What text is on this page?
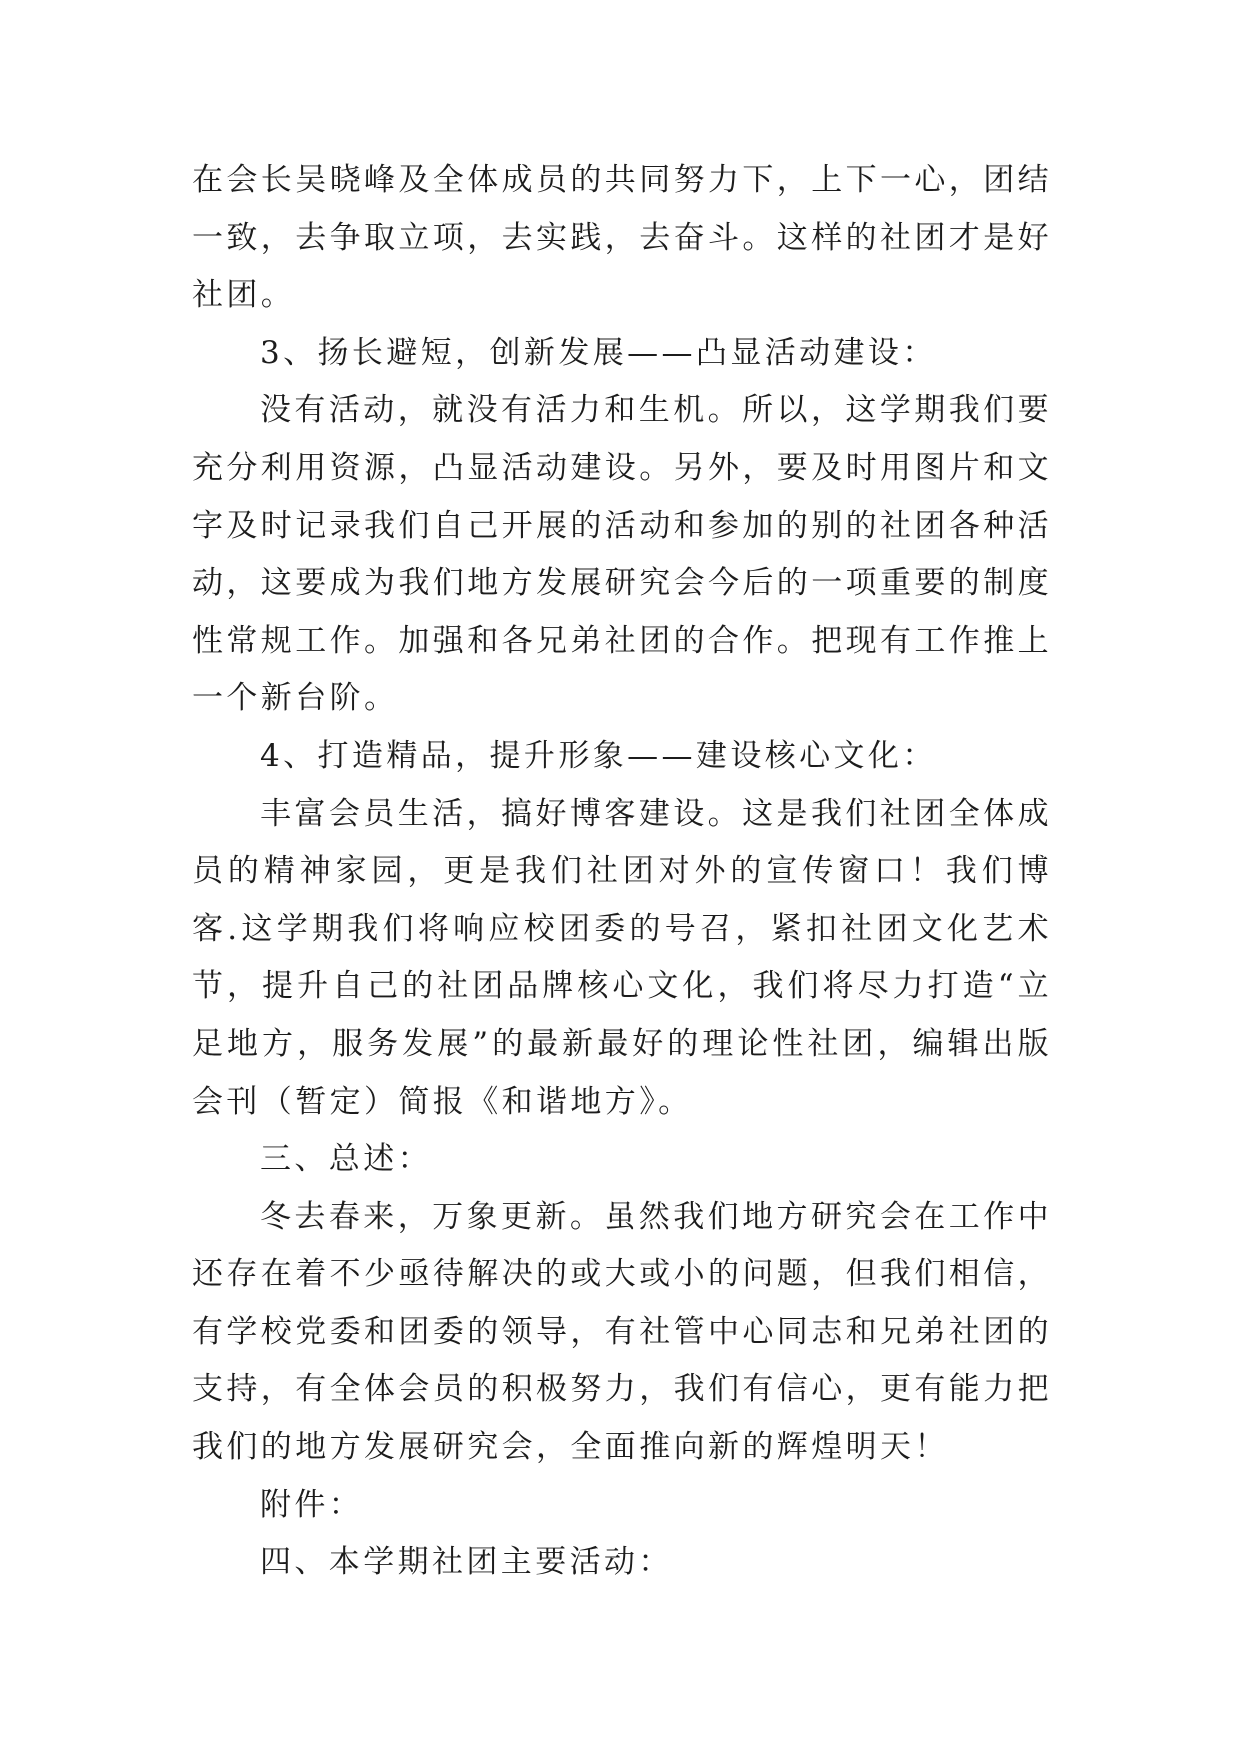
在会长吴晓峰及全体成员的共同努力下，上下一心，团结一致，去争取立项，去实践，去奋斗。这样的社团才是好社团。

3、扬长避短，创新发展——凸显活动建设：

没有活动，就没有活力和生机。所以，这学期我们要充分利用资源，凸显活动建设。另外，要及时用图片和文字及时记录我们自己开展的活动和参加的别的社团各种活动，这要成为我们地方发展研究会今后的一项重要的制度性常规工作。加强和各兄弟社团的合作。把现有工作推上一个新台阶。

4、打造精品，提升形象——建设核心文化：

丰富会员生活，搞好博客建设。这是我们社团全体成员的精神家园，更是我们社团对外的宣传窗口！我们博客.这学期我们将响应校团委的号召，紧扣社团文化艺术节，提升自己的社团品牌核心文化，我们将尽力打造“立足地方，服务发展”的最新最好的理论性社团，编辑出版会刊（暂定）简报《和谐地方》。

三、总述：

冬去春来，万象更新。虽然我们地方研究会在工作中还存在着不少亟待解决的或大或小的问题，但我们相信，有学校党委和团委的领导，有社管中心同志和兄弟社团的支持，有全体会员的积极努力，我们有信心，更有能力把我们的地方发展研究会，全面推向新的辉煌明天！

附件：

四、本学期社团主要活动：
